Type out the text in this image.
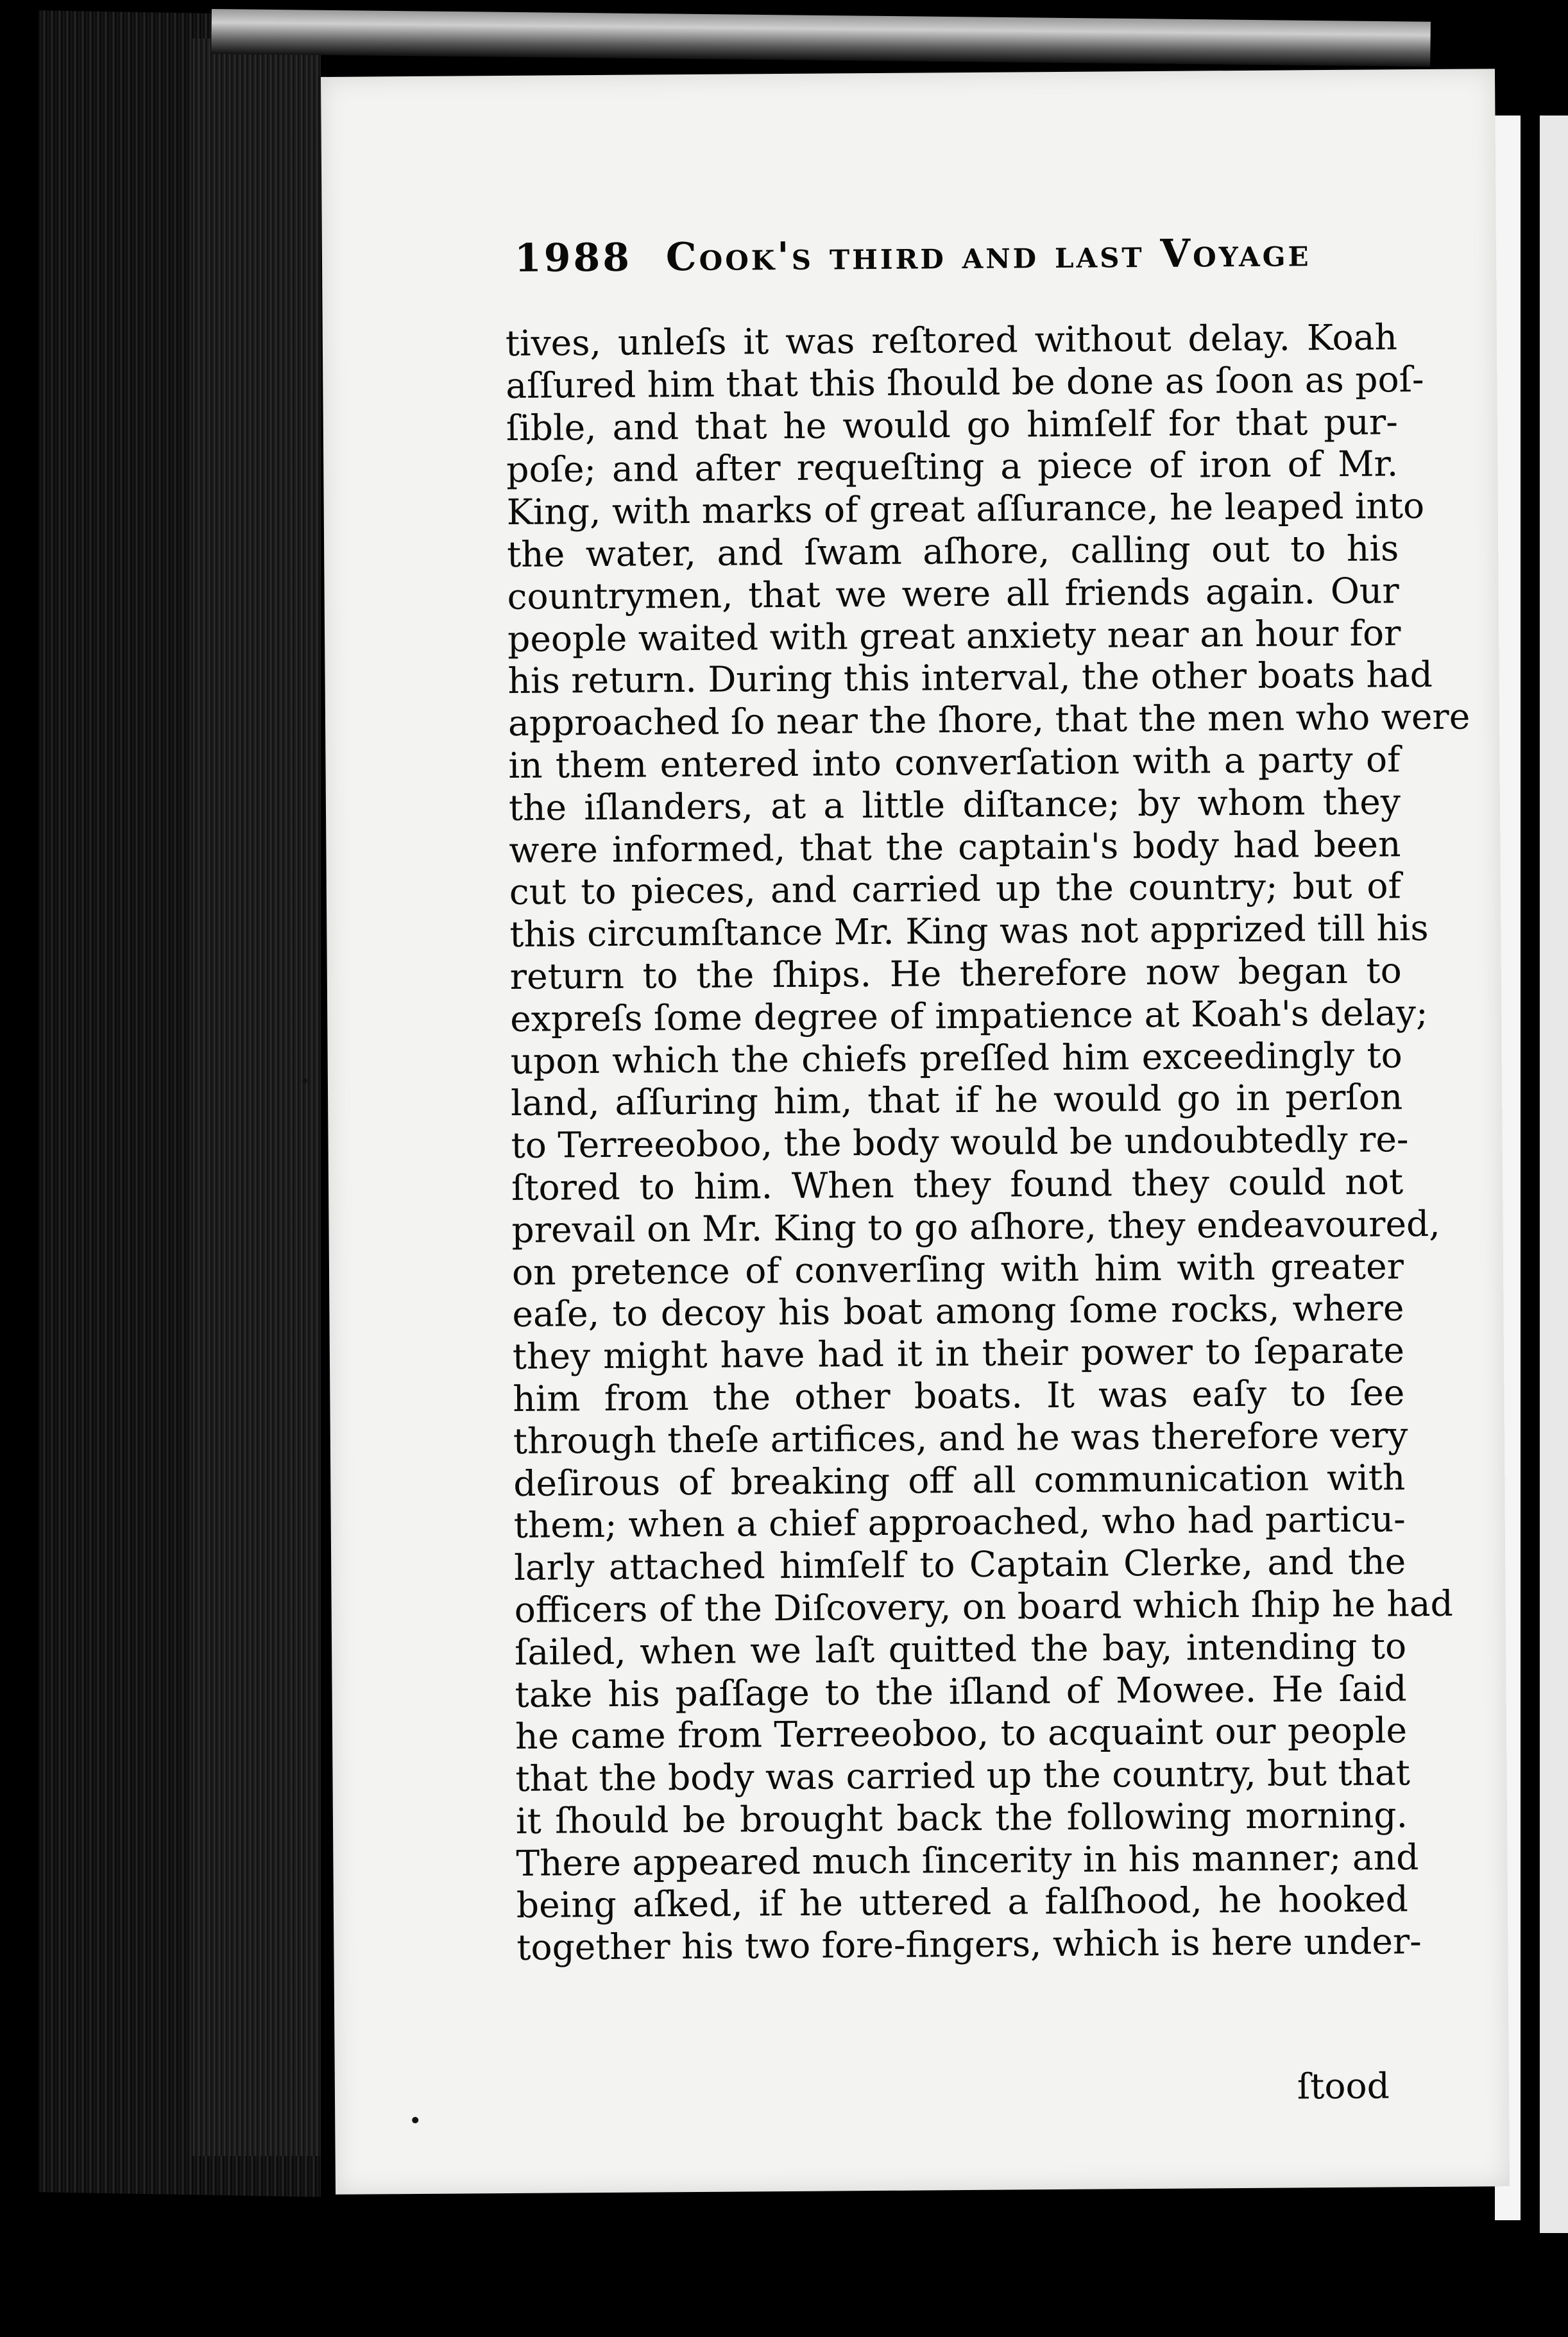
1988 Cook's third and last Voyage
tives, unleſs it was reſtored without delay. Koah
aſſured him that this ſhould be done as ſoon as poſ-
ſible, and that he would go himſelf for that pur-
poſe; and after requeſting a piece of iron of Mr.
King, with marks of great aſſurance, he leaped into
the water, and ſwam aſhore, calling out to his
countrymen, that we were all friends again. Our
people waited with great anxiety near an hour for
his return. During this interval, the other boats had
approached ſo near the ſhore, that the men who were
in them entered into converſation with a party of
the iſlanders, at a little diſtance; by whom they
were informed, that the captain's body had been
cut to pieces, and carried up the country; but of
this circumſtance Mr. King was not apprized till his
return to the ſhips. He therefore now began to
expreſs ſome degree of impatience at Koah's delay;
upon which the chiefs preſſed him exceedingly to
land, aſſuring him, that if he would go in perſon
to Terreeoboo, the body would be undoubtedly re-
ſtored to him. When they found they could not
prevail on Mr. King to go aſhore, they endeavoured,
on pretence of converſing with him with greater
eaſe, to decoy his boat among ſome rocks, where
they might have had it in their power to ſeparate
him from the other boats. It was eaſy to ſee
through theſe artifices, and he was therefore very
deſirous of breaking off all communication with
them; when a chief approached, who had particu-
larly attached himſelf to Captain Clerke, and the
officers of the Diſcovery, on board which ſhip he had
ſailed, when we laſt quitted the bay, intending to
take his paſſage to the iſland of Mowee. He ſaid
he came from Terreeoboo, to acquaint our people
that the body was carried up the country, but that
it ſhould be brought back the following morning.
There appeared much ſincerity in his manner; and
being aſked, if he uttered a falſhood, he hooked
together his two fore-fingers, which is here under-
ſtood
